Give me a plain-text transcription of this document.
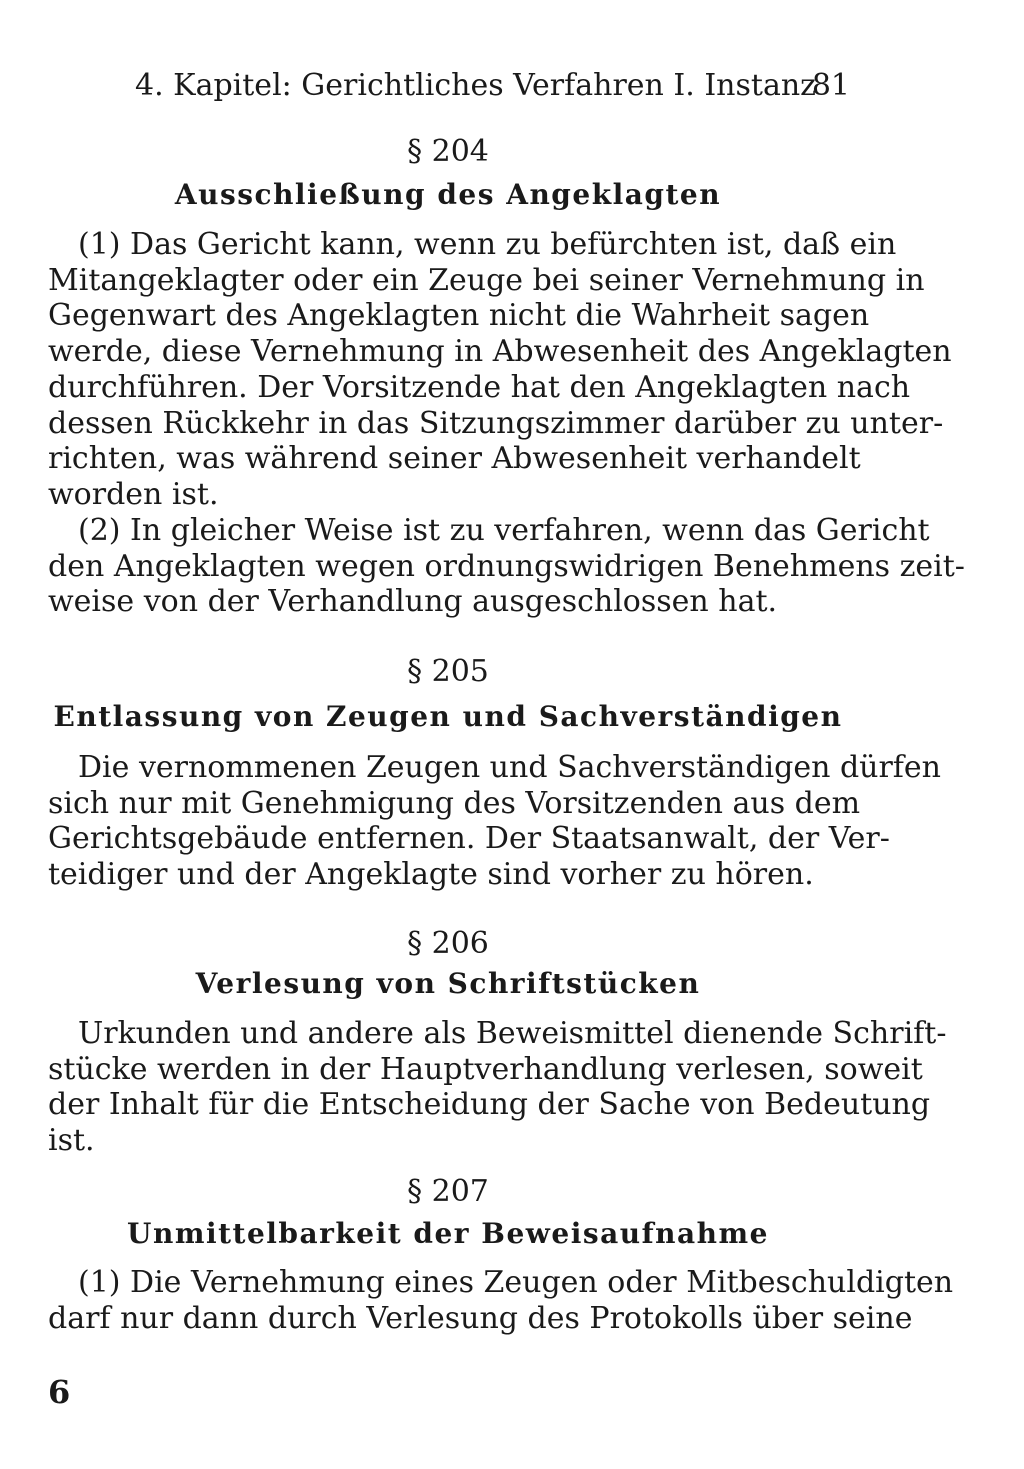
4. Kapitel: Gerichtliches Verfahren I. Instanz
81
§ 204
Ausschließung des Angeklagten
(1) Das Gericht kann, wenn zu befürchten ist, daß ein
Mitangeklagter oder ein Zeuge bei seiner Vernehmung in
Gegenwart des Angeklagten nicht die Wahrheit sagen
werde, diese Vernehmung in Abwesenheit des Angeklagten
durchführen. Der Vorsitzende hat den Angeklagten nach
dessen Rückkehr in das Sitzungszimmer darüber zu unter-
richten, was während seiner Abwesenheit verhandelt
worden ist.
(2) In gleicher Weise ist zu verfahren, wenn das Gericht
den Angeklagten wegen ordnungswidrigen Benehmens zeit-
weise von der Verhandlung ausgeschlossen hat.
§ 205
Entlassung von Zeugen und Sachverständigen
Die vernommenen Zeugen und Sachverständigen dürfen
sich nur mit Genehmigung des Vorsitzenden aus dem
Gerichtsgebäude entfernen. Der Staatsanwalt, der Ver-
teidiger und der Angeklagte sind vorher zu hören.
§ 206
Verlesung von Schriftstücken
Urkunden und andere als Beweismittel dienende Schrift-
stücke werden in der Hauptverhandlung verlesen, soweit
der Inhalt für die Entscheidung der Sache von Bedeutung
ist.
§ 207
Unmittelbarkeit der Beweisaufnahme
(1) Die Vernehmung eines Zeugen oder Mitbeschuldigten
darf nur dann durch Verlesung des Protokolls über seine
6
